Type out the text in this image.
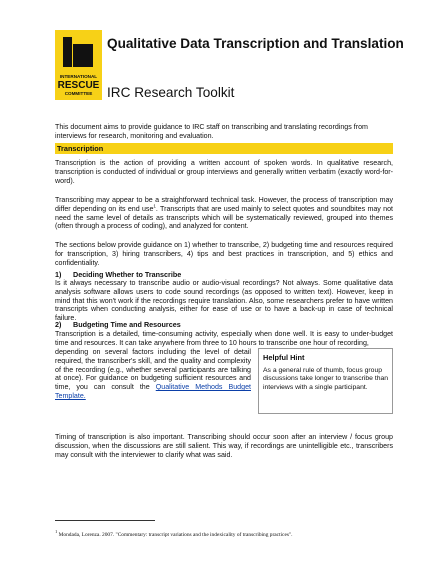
INTERNATIONAL
RESCUE
COMMITTEE
Qualitative Data Transcription and Translation
IRC Research Toolkit
This document aims to provide guidance to IRC staff on transcribing and translating recordings from interviews for research, monitoring and evaluation.
Transcription
Transcription is the action of providing a written account of spoken words. In qualitative research, transcription is conducted of individual or group interviews and generally written verbatim (exactly word-for-word).
Transcribing may appear to be a straightforward technical task. However, the process of transcription may differ depending on its end use$^1$. Transcripts that are used mainly to select quotes and soundbites may not need the same level of details as transcripts which will be systematically reviewed, grouped into themes (often through a process of coding), and analyzed for content.
The sections below provide guidance on 1) whether to transcribe, 2) budgeting time and resources required for transcription, 3) hiring transcribers, 4) tips and best practices in transcription, and 5) ethics and confidentiality.
1) Deciding Whether to Transcribe
Is it always necessary to transcribe audio or audio-visual recordings? Not always. Some qualitative data analysis software allows users to code sound recordings (as opposed to written text). However, keep in mind that this won't work if the recordings require translation. Also, some researchers prefer to have written transcripts when conducting analysis, either for ease of use or to have a back-up in case of technical failure.
2) Budgeting Time and Resources
Transcription is a detailed, time-consuming activity, especially when done well. It is easy to under-budget time and resources. It can take anywhere from three to 10 hours to transcribe one hour of recording,
depending on several factors including the level of detail required, the transcriber's skill, and the quality and complexity of the recording (e.g., whether several participants are talking at once). For guidance on budgeting sufficient resources and time, you can consult the Qualitative Methods Budget Template.
Helpful Hint
As a general rule of thumb, focus group discussions take longer to transcribe than interviews with a single participant.
Timing of transcription is also important. Transcribing should occur soon after an interview / focus group discussion, when the discussions are still salient. This way, if recordings are unintelligible etc., transcribers may consult with the interviewer to clarify what was said.
$^1$ Mondada, Lorenza. 2007. "Commentary: transcript variations and the indexicality of transcribing practices".
